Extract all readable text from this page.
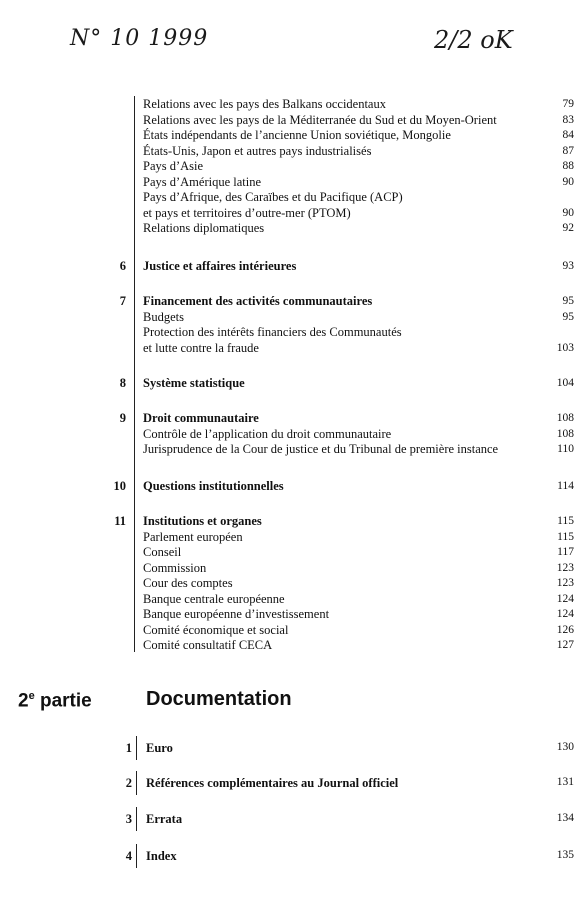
N° 10 1999	2/2 oK
Relations avec les pays des Balkans occidentaux	79
Relations avec les pays de la Méditerranée du Sud et du Moyen-Orient	83
États indépendants de l’ancienne Union soviétique, Mongolie	84
États-Unis, Japon et autres pays industrialisés	87
Pays d’Asie	88
Pays d’Amérique latine	90
Pays d’Afrique, des Caraïbes et du Pacifique (ACP)
et pays et territoires d’outre-mer (PTOM)	90
Relations diplomatiques	92
6 Justice et affaires intérieures	93
7 Financement des activités communautaires	95
Budgets	95
Protection des intérêts financiers des Communautés
et lutte contre la fraude	103
8 Système statistique	104
9 Droit communautaire	108
Contrôle de l’application du droit communautaire	108
Jurisprudence de la Cour de justice et du Tribunal de première instance	110
10 Questions institutionnelles	114
11 Institutions et organes	115
Parlement européen	115
Conseil	117
Commission	123
Cour des comptes	123
Banque centrale européenne	124
Banque européenne d’investissement	124
Comité économique et social	126
Comité consultatif CECA	127
2e partie	Documentation
1 Euro	130
2 Références complémentaires au Journal officiel	131
3 Errata	134
4 Index	135
